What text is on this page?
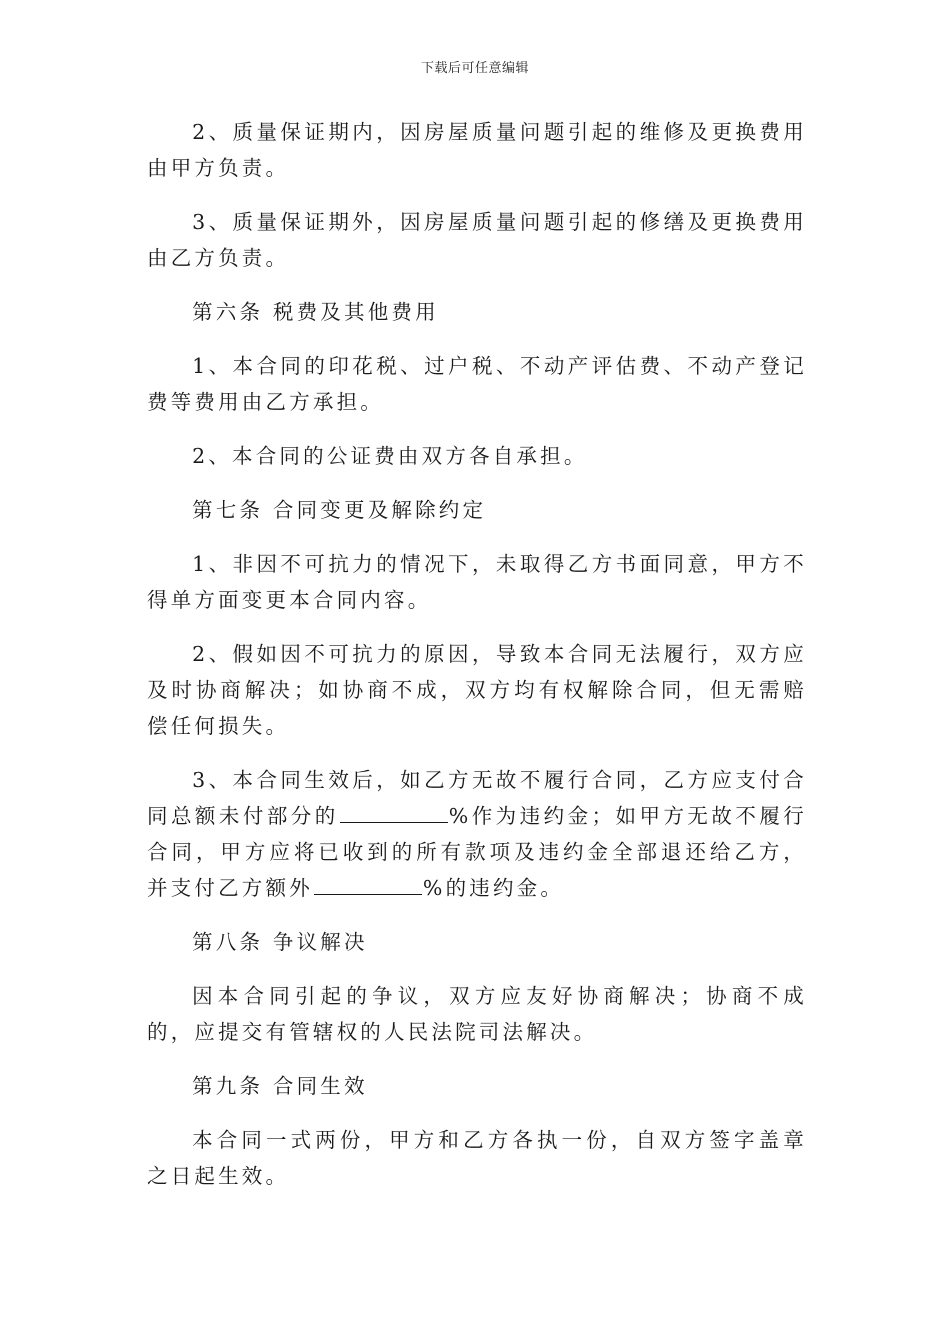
下载后可任意编辑

2、质量保证期内，因房屋质量问题引起的维修及更换费用由甲方负责。

3、质量保证期外，因房屋质量问题引起的修缮及更换费用由乙方负责。

第六条 税费及其他费用

1、本合同的印花税、过户税、不动产评估费、不动产登记费等费用由乙方承担。

2、本合同的公证费由双方各自承担。

第七条 合同变更及解除约定

1、非因不可抗力的情况下，未取得乙方书面同意，甲方不得单方面变更本合同内容。

2、假如因不可抗力的原因，导致本合同无法履行，双方应及时协商解决；如协商不成，双方均有权解除合同，但无需赔偿任何损失。

3、本合同生效后，如乙方无故不履行合同，乙方应支付合同总额未付部分的	%作为违约金；如甲方无故不履行合同，甲方应将已收到的所有款项及违约金全部退还给乙方，并支付乙方额外	%的违约金。

第八条 争议解决

因本合同引起的争议，双方应友好协商解决；协商不成的，应提交有管辖权的人民法院司法解决。

第九条 合同生效

本合同一式两份，甲方和乙方各执一份，自双方签字盖章之日起生效。
